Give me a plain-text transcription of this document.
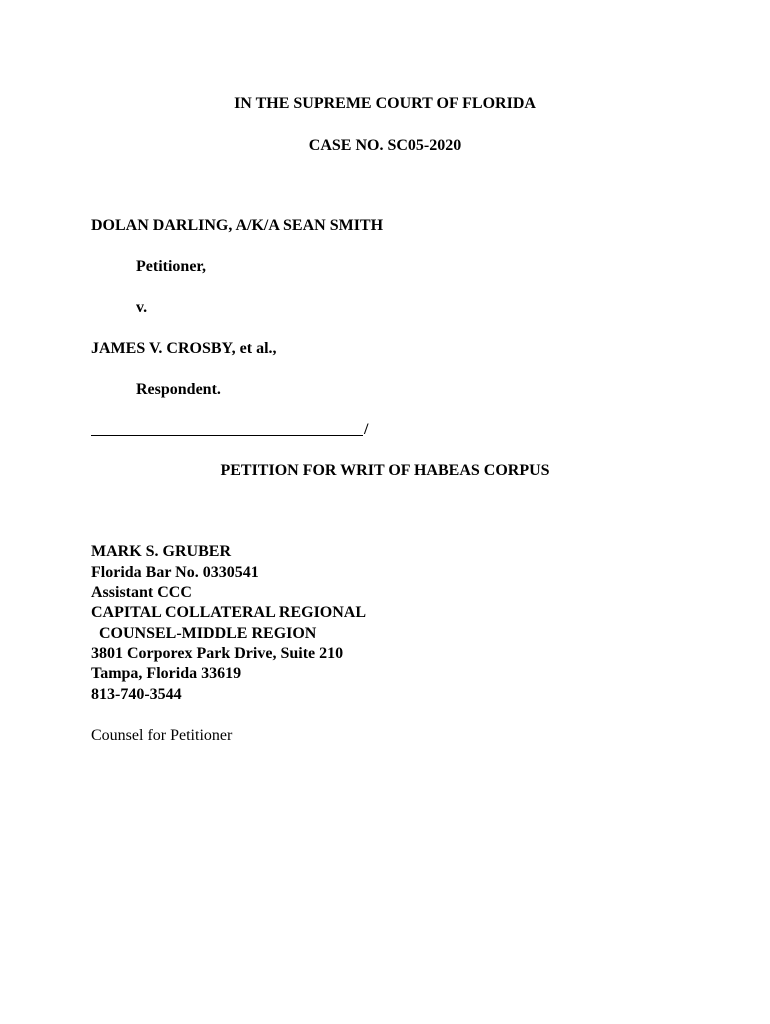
IN THE SUPREME COURT OF FLORIDA
CASE NO. SC05-2020
DOLAN DARLING, A/K/A SEAN SMITH
Petitioner,
v.
JAMES V. CROSBY, et al.,
Respondent.
/
PETITION FOR WRIT OF HABEAS CORPUS
MARK S. GRUBER
Florida Bar No. 0330541
Assistant CCC
CAPITAL COLLATERAL REGIONAL
COUNSEL-MIDDLE REGION
3801 Corporex Park Drive, Suite 210
Tampa, Florida 33619
813-740-3544
Counsel for Petitioner
